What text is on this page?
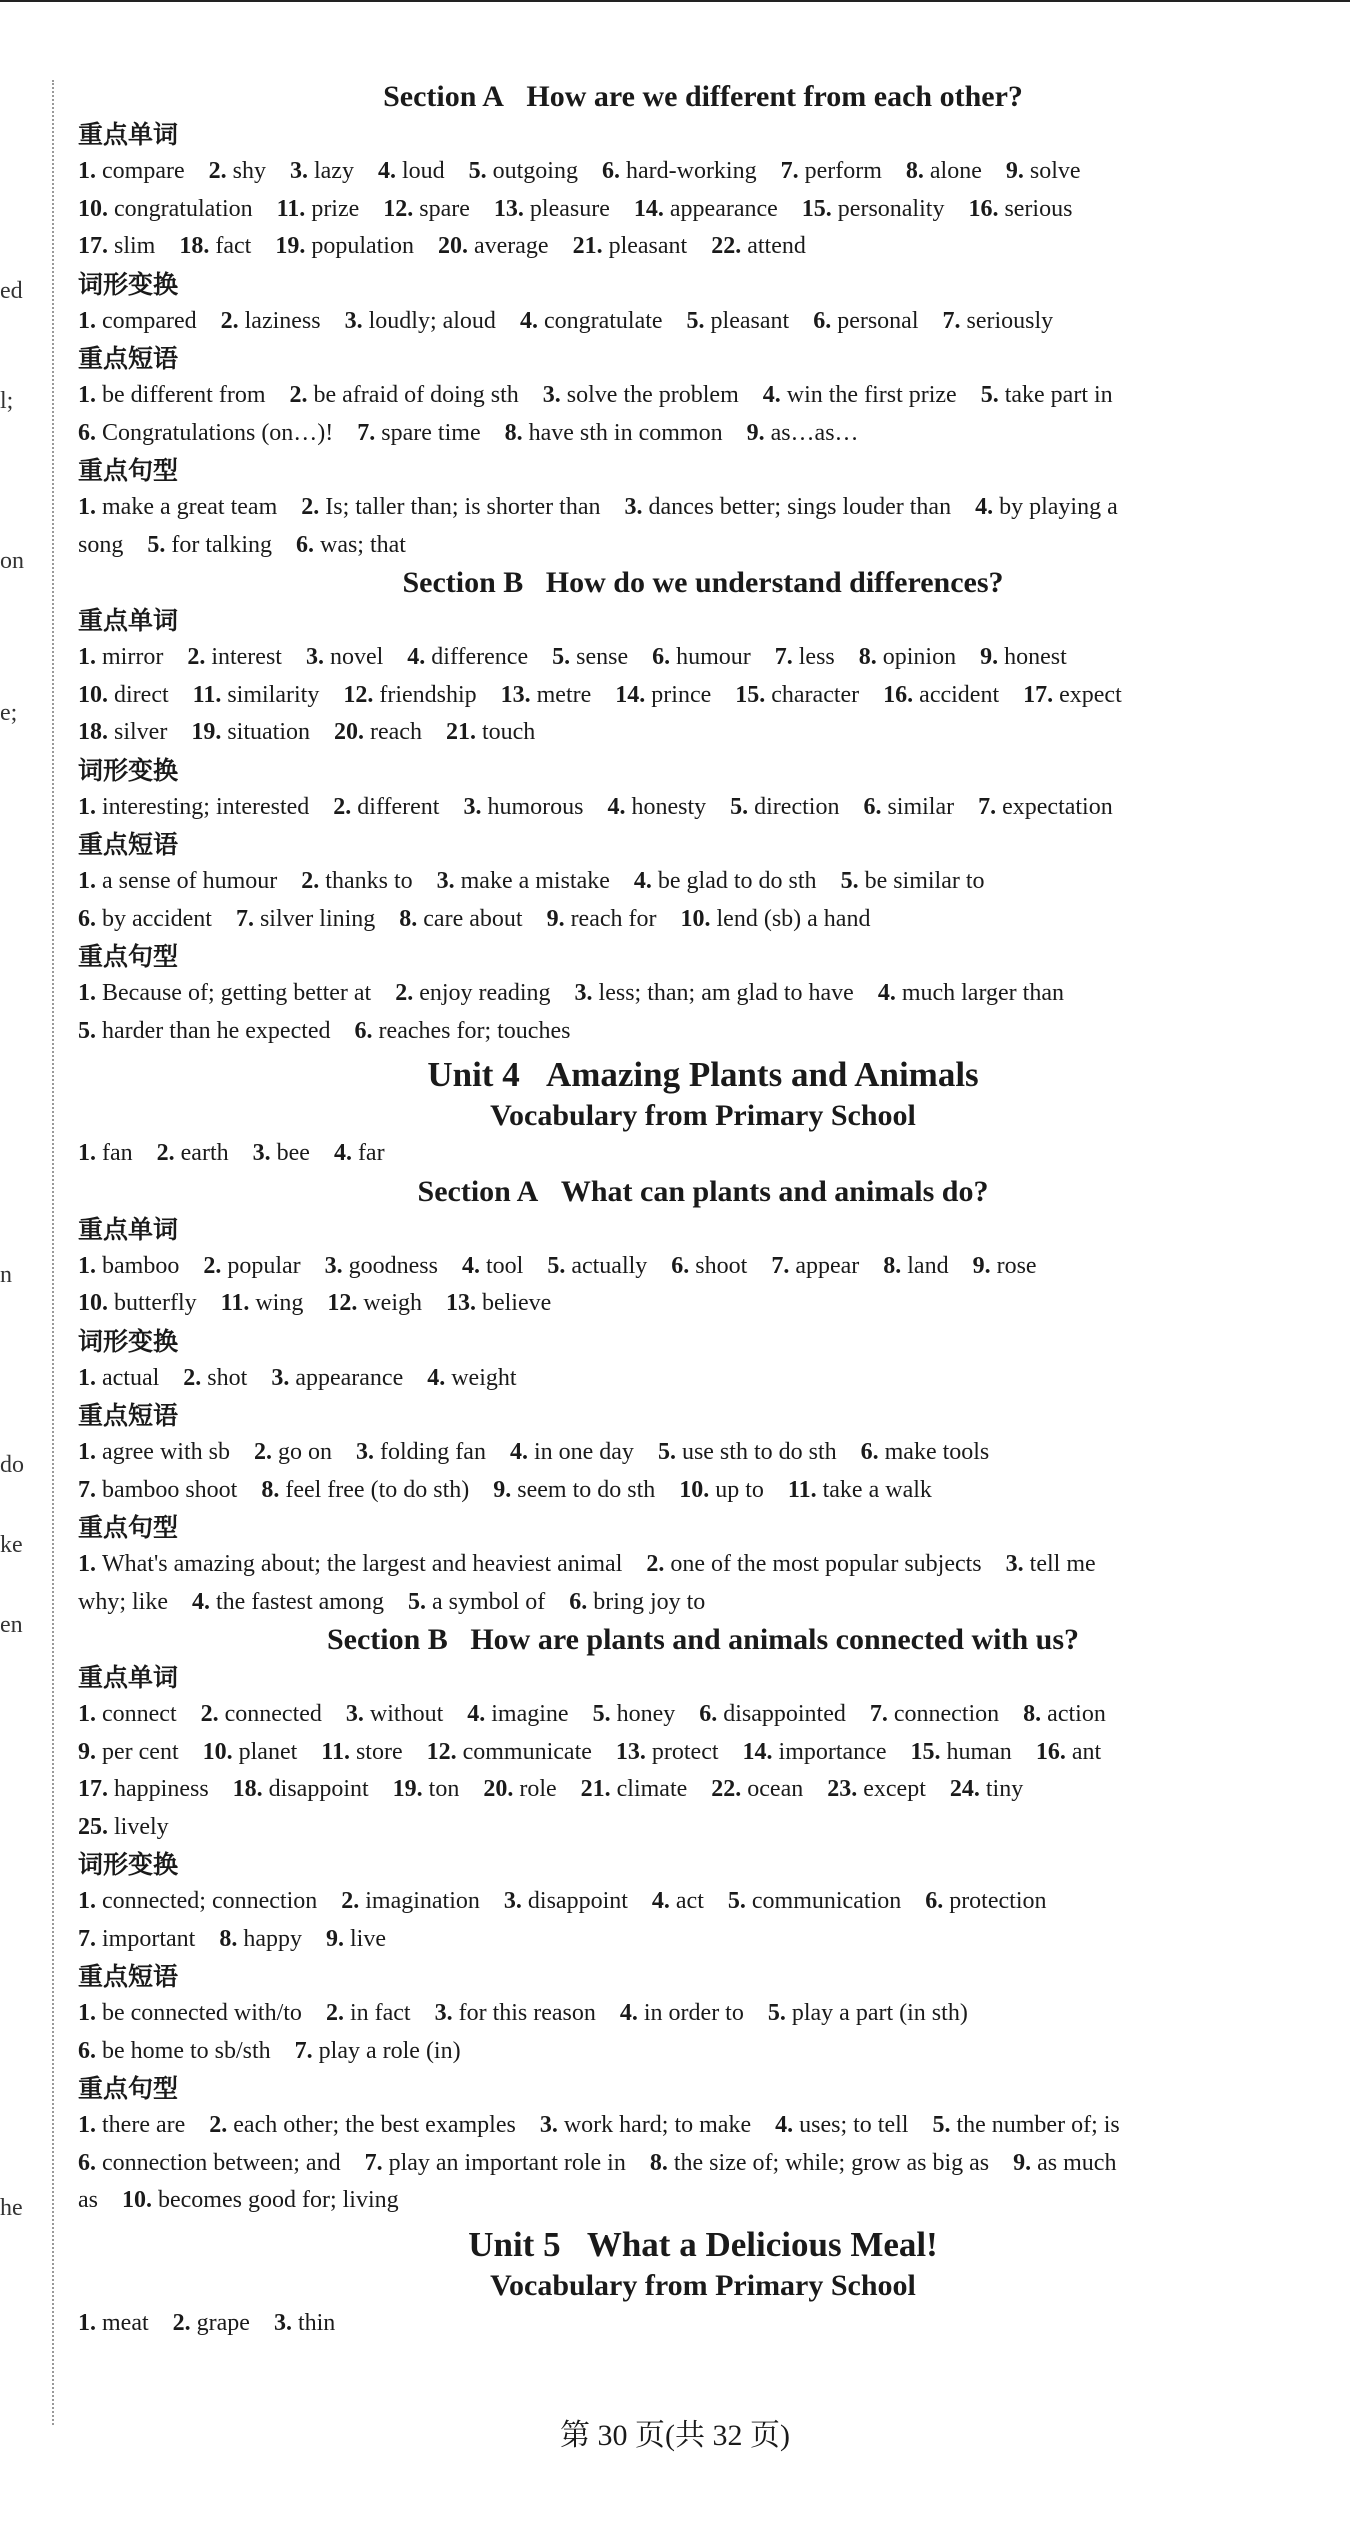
ed
l;
on
e;
n
do
ke
en
he
Section A   How are we different from each other?
重点单词
1. compare 2. shy 3. lazy 4. loud 5. outgoing 6. hard-working 7. perform 8. alone 9. solve
10. congratulation 11. prize 12. spare 13. pleasure 14. appearance 15. personality 16. serious
17. slim 18. fact 19. population 20. average 21. pleasant 22. attend
词形变换
1. compared 2. laziness 3. loudly; aloud 4. congratulate 5. pleasant 6. personal 7. seriously
重点短语
1. be different from 2. be afraid of doing sth 3. solve the problem 4. win the first prize 5. take part in
6. Congratulations (on…)! 7. spare time 8. have sth in common 9. as…as…
重点句型
1. make a great team 2. Is; taller than; is shorter than 3. dances better; sings louder than 4. by playing a
song 5. for talking 6. was; that
Section B   How do we understand differences?
重点单词
1. mirror 2. interest 3. novel 4. difference 5. sense 6. humour 7. less 8. opinion 9. honest
10. direct 11. similarity 12. friendship 13. metre 14. prince 15. character 16. accident 17. expect
18. silver 19. situation 20. reach 21. touch
词形变换
1. interesting; interested 2. different 3. humorous 4. honesty 5. direction 6. similar 7. expectation
重点短语
1. a sense of humour 2. thanks to 3. make a mistake 4. be glad to do sth 5. be similar to
6. by accident 7. silver lining 8. care about 9. reach for 10. lend (sb) a hand
重点句型
1. Because of; getting better at 2. enjoy reading 3. less; than; am glad to have 4. much larger than
5. harder than he expected 6. reaches for; touches
Unit 4   Amazing Plants and Animals
Vocabulary from Primary School
1. fan 2. earth 3. bee 4. far
Section A   What can plants and animals do?
重点单词
1. bamboo 2. popular 3. goodness 4. tool 5. actually 6. shoot 7. appear 8. land 9. rose
10. butterfly 11. wing 12. weigh 13. believe
词形变换
1. actual 2. shot 3. appearance 4. weight
重点短语
1. agree with sb 2. go on 3. folding fan 4. in one day 5. use sth to do sth 6. make tools
7. bamboo shoot 8. feel free (to do sth) 9. seem to do sth 10. up to 11. take a walk
重点句型
1. What's amazing about; the largest and heaviest animal 2. one of the most popular subjects 3. tell me
why; like 4. the fastest among 5. a symbol of 6. bring joy to
Section B   How are plants and animals connected with us?
重点单词
1. connect 2. connected 3. without 4. imagine 5. honey 6. disappointed 7. connection 8. action
9. per cent 10. planet 11. store 12. communicate 13. protect 14. importance 15. human 16. ant
17. happiness 18. disappoint 19. ton 20. role 21. climate 22. ocean 23. except 24. tiny
25. lively
词形变换
1. connected; connection 2. imagination 3. disappoint 4. act 5. communication 6. protection
7. important 8. happy 9. live
重点短语
1. be connected with/to 2. in fact 3. for this reason 4. in order to 5. play a part (in sth)
6. be home to sb/sth 7. play a role (in)
重点句型
1. there are 2. each other; the best examples 3. work hard; to make 4. uses; to tell 5. the number of; is
6. connection between; and 7. play an important role in 8. the size of; while; grow as big as 9. as much
as 10. becomes good for; living
Unit 5   What a Delicious Meal!
Vocabulary from Primary School
1. meat 2. grape 3. thin
第 30 页(共 32 页)
